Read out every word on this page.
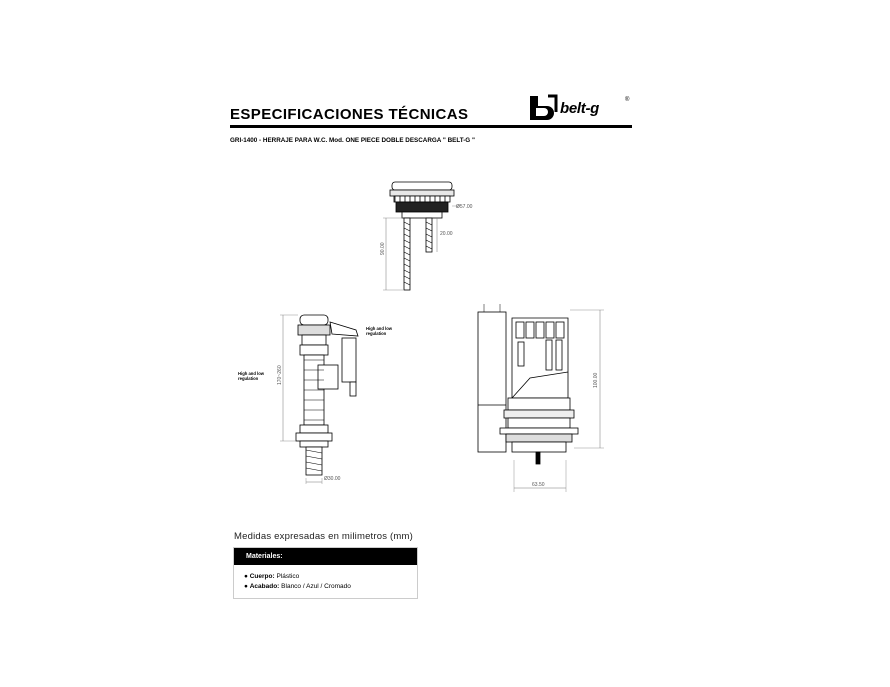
ESPECIFICACIONES TÉCNICAS	belt-g	®
GRI-1400 - HERRAJE PARA W.C. Mod. ONE PIECE DOBLE DESCARGA " BELT-G "
Ø57.00
90.00
20.00
High and low
regulation
High and low
regulation	170~260
Ø30.00
100.00
63.50
Medidas expresadas en milimetros (mm)
Materiales:
● Cuerpo: Plástico
● Acabado: Blanco / Azul / Cromado
